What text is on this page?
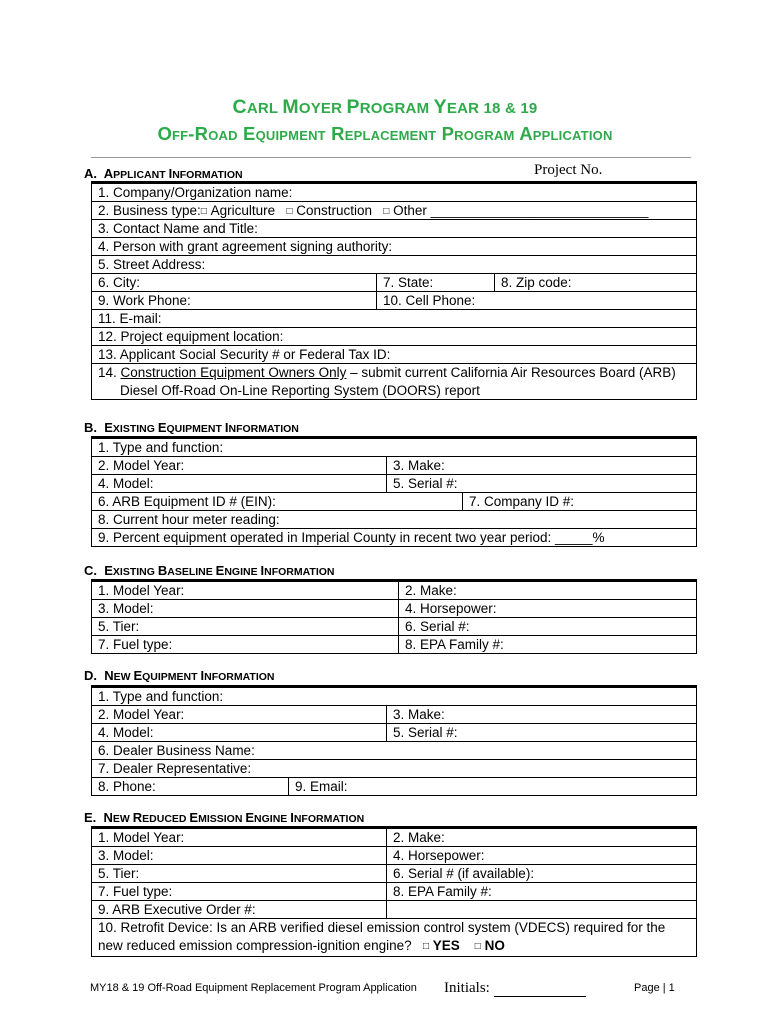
CARL MOYER PROGRAM YEAR 18 & 19
Off-Road Equipment Replacement Program Application
A. APPLICANT INFORMATION	Project No.
1. Company/Organization name:
2. Business type:□ Agriculture □ Construction □ Other _____________________________
3. Contact Name and Title:
4. Person with grant agreement signing authority:
5. Street Address:
6. City:	7. State:	8. Zip code:
9. Work Phone:	10. Cell Phone:
11. E-mail:
12. Project equipment location:
13. Applicant Social Security # or Federal Tax ID:
14. Construction Equipment Owners Only – submit current California Air Resources Board (ARB)
Diesel Off-Road On-Line Reporting System (DOORS) report
B. EXISTING EQUIPMENT INFORMATION
1. Type and function:
2. Model Year:	3. Make:
4. Model:	5. Serial #:
6. ARB Equipment ID # (EIN):	7. Company ID #:
8. Current hour meter reading:
9. Percent equipment operated in Imperial County in recent two year period: _____%
C. EXISTING BASELINE ENGINE INFORMATION
1. Model Year:	2. Make:
3. Model:	4. Horsepower:
5. Tier:	6. Serial #:
7. Fuel type:	8. EPA Family #:
D. NEW EQUIPMENT INFORMATION
1. Type and function:
2. Model Year:	3. Make:
4. Model:	5. Serial #:
6. Dealer Business Name:
7. Dealer Representative:
8. Phone:	9. Email:
E. NEW REDUCED EMISSION ENGINE INFORMATION
1. Model Year:	2. Make:
3. Model:	4. Horsepower:
5. Tier:	6. Serial # (if available):
7. Fuel type:	8. EPA Family #:
9. ARB Executive Order #:
10. Retrofit Device: Is an ARB verified diesel emission control system (VDECS) required for the
new reduced emission compression-ignition engine? □ YES □ NO
MY18 & 19 Off-Road Equipment Replacement Program Application Initials:	Page | 1
